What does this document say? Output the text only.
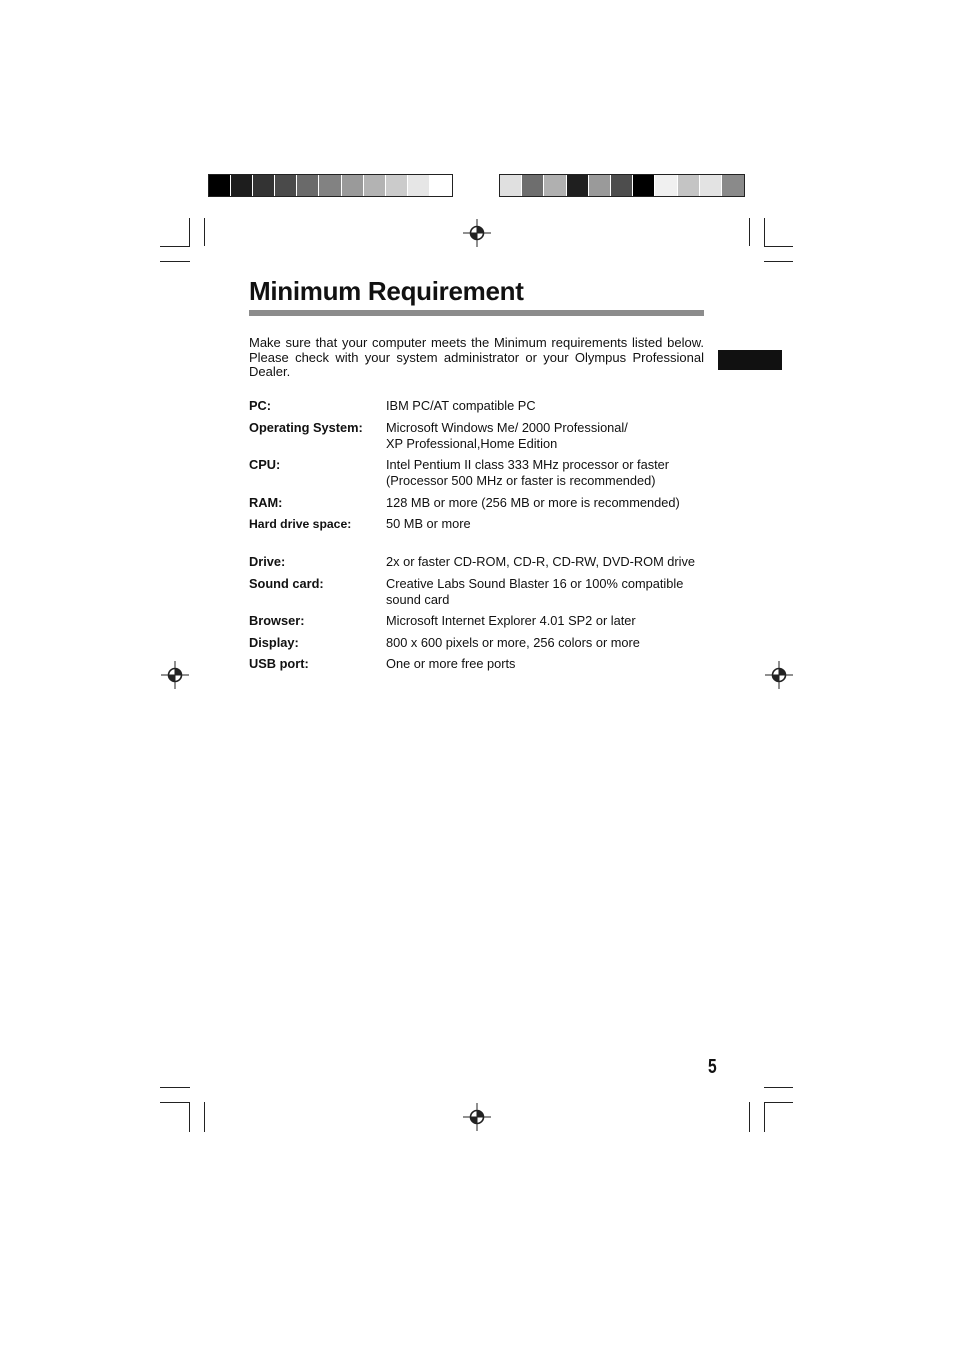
Minimum Requirement

Make sure that your computer meets the Minimum requirements listed below. Please check with your system administrator or your Olympus Professional Dealer.

PC:	IBM PC/AT compatible PC
Operating System:	Microsoft Windows Me/ 2000 Professional/
XP Professional,Home Edition
CPU:	Intel Pentium II class 333 MHz processor or faster
(Processor 500 MHz or faster is recommended)
RAM:	128 MB or more (256 MB or more is recommended)
Hard drive space:	50 MB or more
Drive:	2x or faster CD-ROM, CD-R, CD-RW, DVD-ROM drive
Sound card:	Creative Labs Sound Blaster 16 or 100% compatible
sound card
Browser:	Microsoft Internet Explorer 4.01 SP2 or later
Display:	800 x 600 pixels or more, 256 colors or more
USB port:	One or more free ports
5
